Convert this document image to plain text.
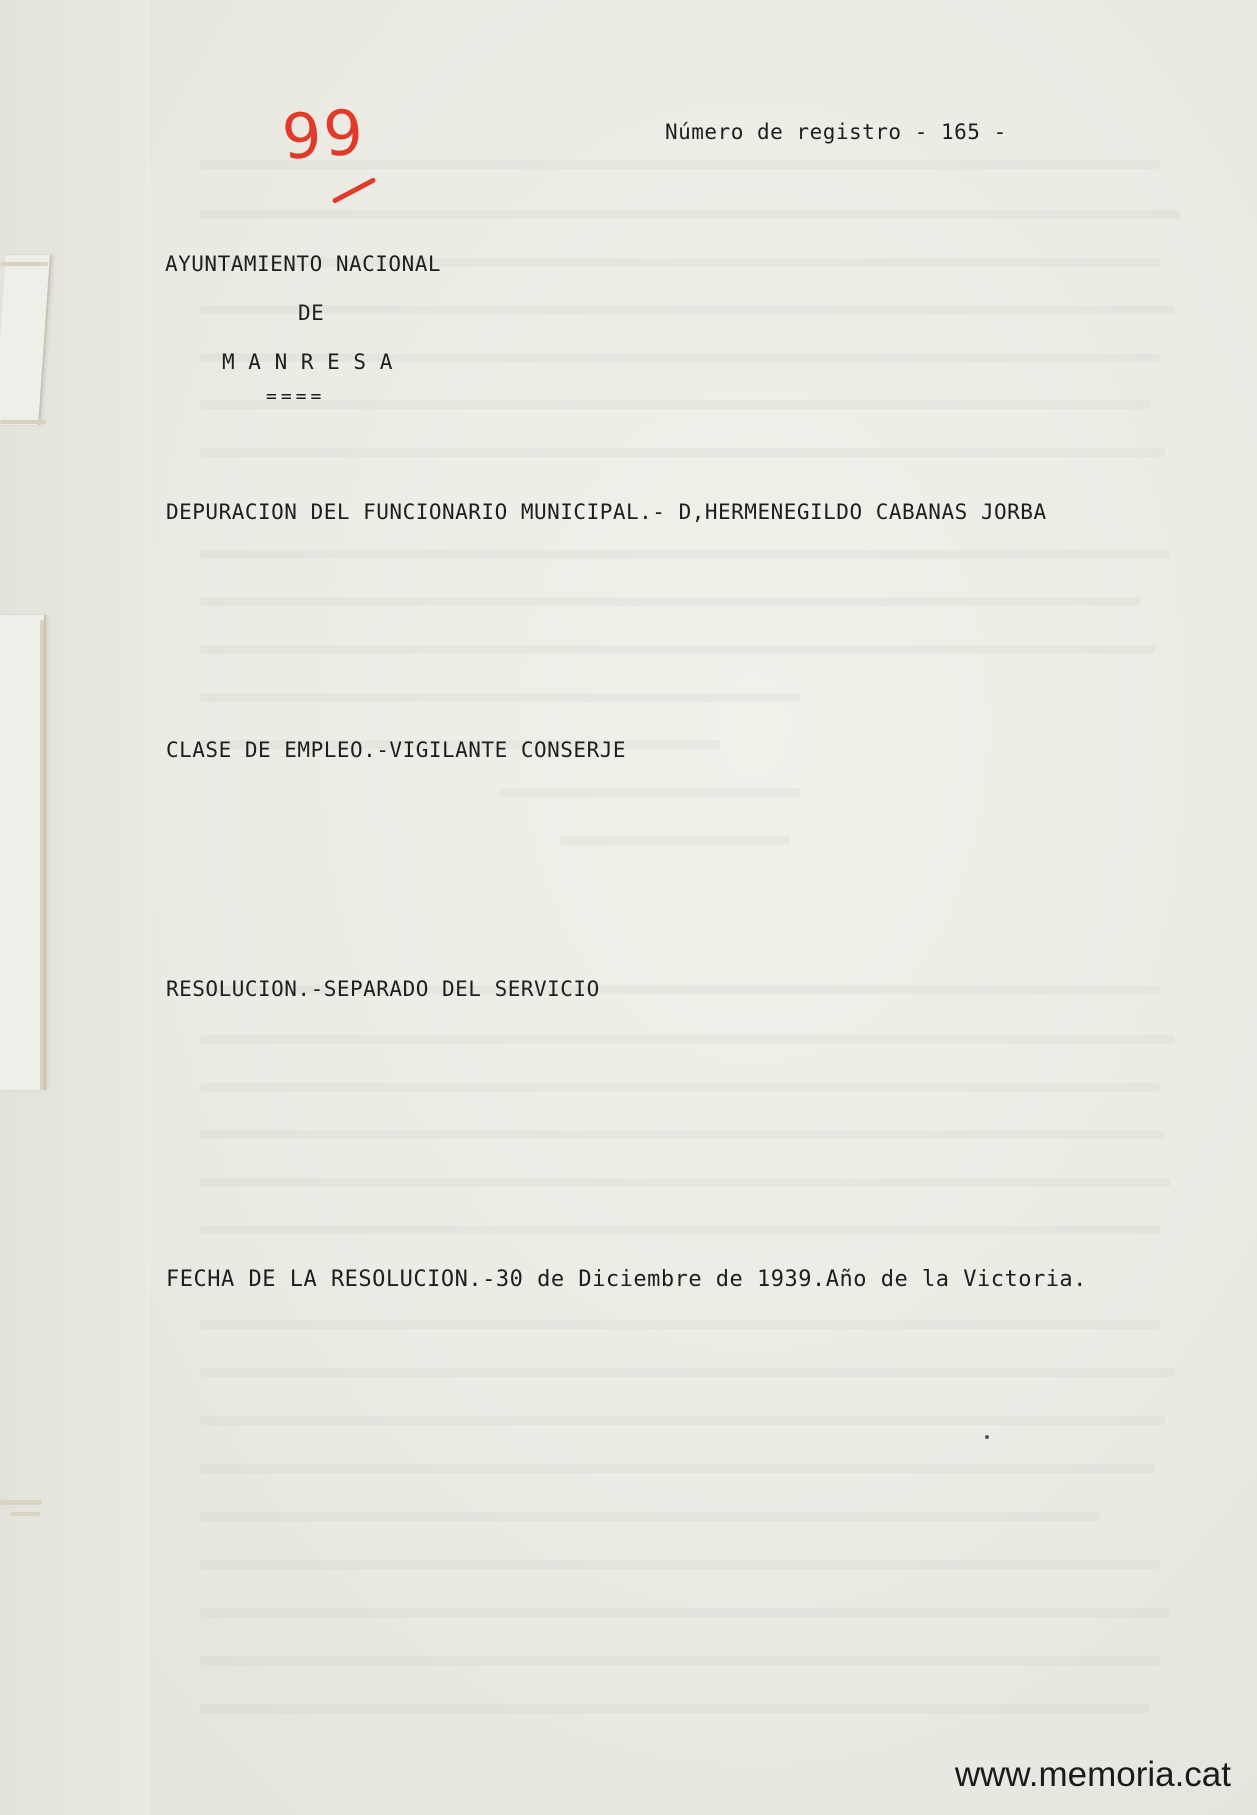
99	Número de registro - 165 -
AYUNTAMIENTO NACIONAL
DE
M A N R E S A
====
DEPURACION DEL FUNCIONARIO MUNICIPAL.- D,HERMENEGILDO CABANAS JORBA
CLASE DE EMPLEO.-VIGILANTE CONSERJE
RESOLUCION.-SEPARADO DEL SERVICIO
FECHA DE LA RESOLUCION.-30 de Diciembre de 1939.Año de la Victoria.
www.memoria.cat
